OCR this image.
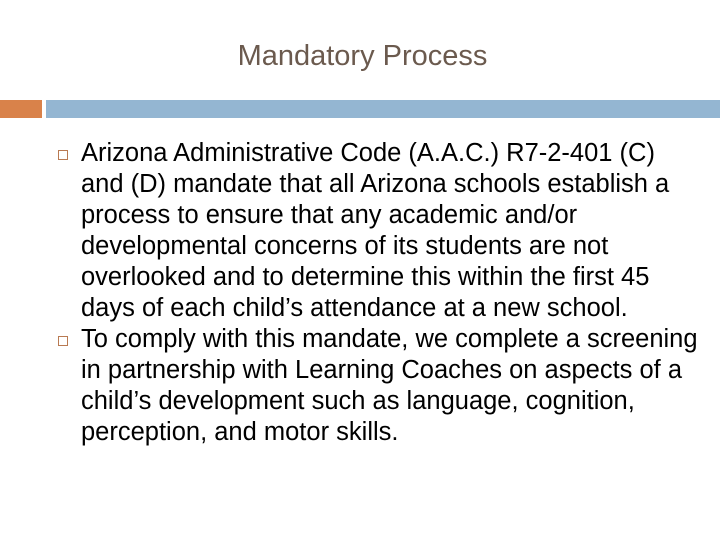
Mandatory Process
Arizona Administrative Code (A.A.C.) R7-2-401 (C) and (D) mandate that all Arizona schools establish a process to ensure that any academic and/or developmental concerns of its students are not overlooked and to determine this within the first 45 days of each child’s attendance at a new school.
To comply with this mandate, we complete a screening in partnership with Learning Coaches on aspects of a child’s development such as language, cognition, perception, and motor skills.
